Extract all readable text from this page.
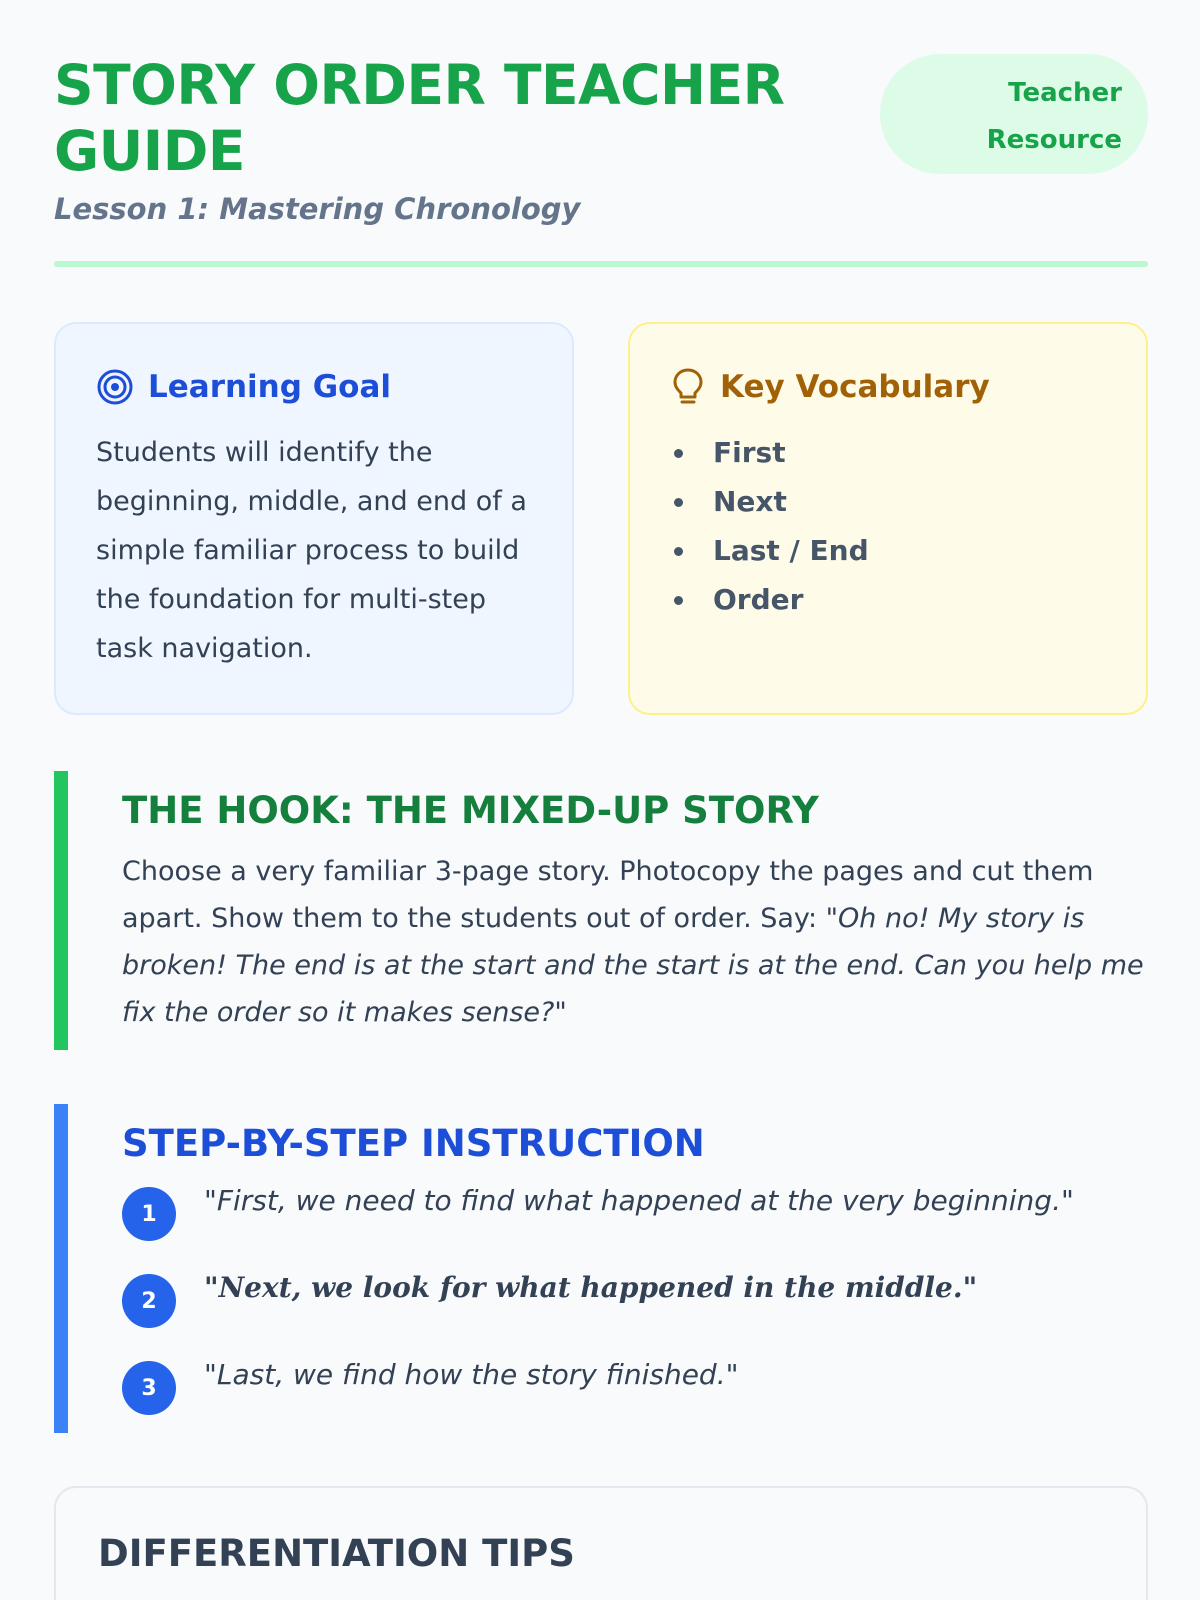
STORY ORDER TEACHER GUIDE
Lesson 1: Mastering Chronology
Teacher
Resource
Learning Goal

Students will identify the beginning, middle, and end of a simple familiar process to build the foundation for multi-step task navigation.

Key Vocabulary
First
Next
Last / End
Order
THE HOOK: THE MIXED-UP STORY

Choose a very familiar 3-page story. Photocopy the pages and cut them apart. Show them to the students out of order. Say: "Oh no! My story is broken! The end is at the start and the start is at the end. Can you help me fix the order so it makes sense?"

STEP-BY-STEP INSTRUCTION
1	"First, we need to find what happened at the very beginning."
2	"Next, we look for what happened in the middle."
3	"Last, we find how the story finished."
DIFFERENTIATION TIPS
